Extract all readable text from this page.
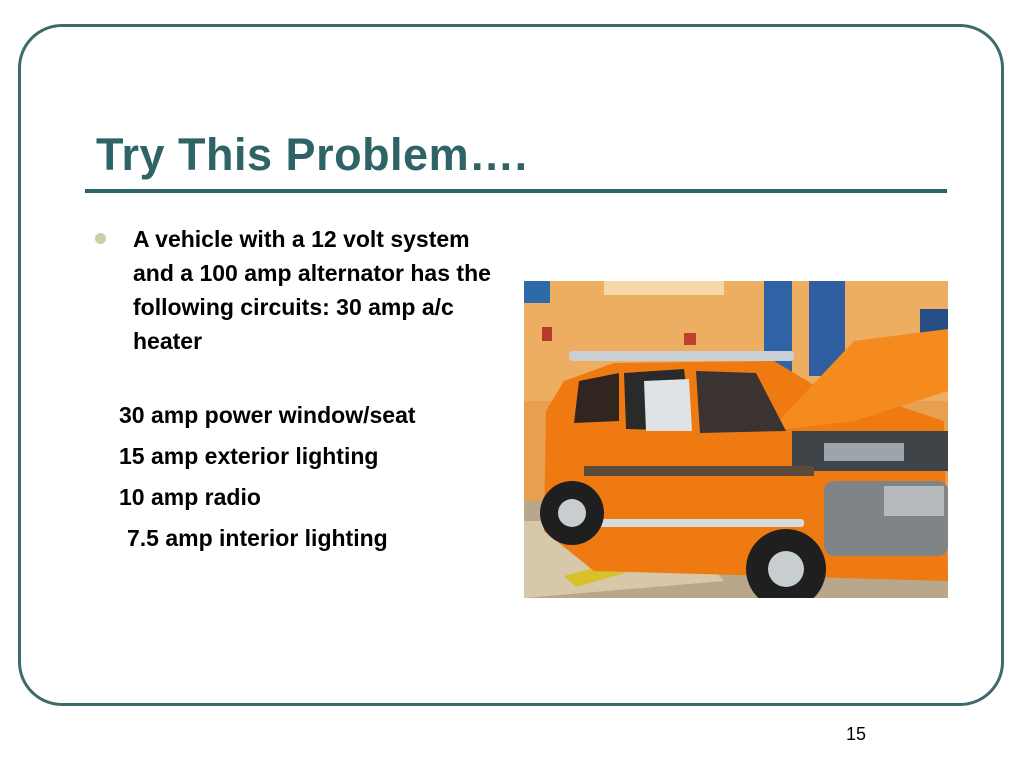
Try This Problem….

A vehicle with a 12 volt system and a 100 amp alternator has the following circuits: 30 amp a/c heater

30 amp power window/seat

15 amp exterior lighting

10 amp radio

7.5 amp interior lighting

15
